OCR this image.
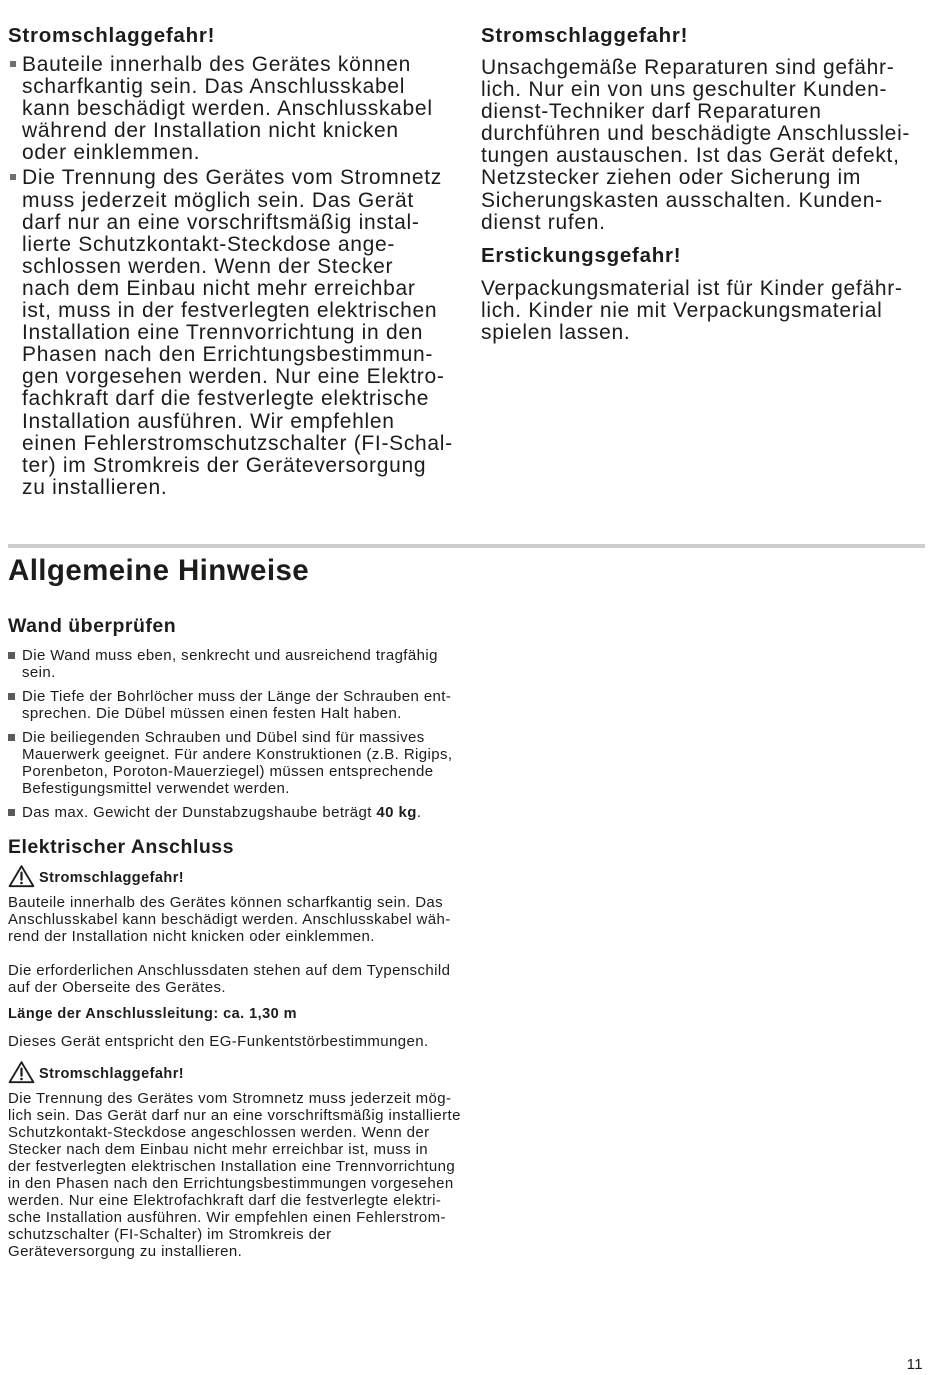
Stromschlaggefahr!
Bauteile innerhalb des Gerätes können
scharfkantig sein. Das Anschlusskabel
kann beschädigt werden. Anschlusskabel
während der Installation nicht knicken
oder einklemmen.
Die Trennung des Gerätes vom Stromnetz
muss jederzeit möglich sein. Das Gerät
darf nur an eine vorschriftsmäßig instal-
lierte Schutzkontakt-Steckdose ange-
schlossen werden. Wenn der Stecker
nach dem Einbau nicht mehr erreichbar
ist, muss in der festverlegten elektrischen
Installation eine Trennvorrichtung in den
Phasen nach den Errichtungsbestimmun-
gen vorgesehen werden. Nur eine Elektro-
fachkraft darf die festverlegte elektrische
Installation ausführen. Wir empfehlen
einen Fehlerstromschutzschalter (FI-Schal-
ter) im Stromkreis der Geräteversorgung
zu installieren.
Stromschlaggefahr!
Unsachgemäße Reparaturen sind gefähr-
lich. Nur ein von uns geschulter Kunden-
dienst-Techniker darf Reparaturen
durchführen und beschädigte Anschlusslei-
tungen austauschen. Ist das Gerät defekt,
Netzstecker ziehen oder Sicherung im
Sicherungskasten ausschalten. Kunden-
dienst rufen.
Erstickungsgefahr!
Verpackungsmaterial ist für Kinder gefähr-
lich. Kinder nie mit Verpackungsmaterial
spielen lassen.
Allgemeine Hinweise
Wand überprüfen
Die Wand muss eben, senkrecht und ausreichend tragfähig
sein.
Die Tiefe der Bohrlöcher muss der Länge der Schrauben ent-
sprechen. Die Dübel müssen einen festen Halt haben.
Die beiliegenden Schrauben und Dübel sind für massives
Mauerwerk geeignet. Für andere Konstruktionen (z.B. Rigips,
Porenbeton, Poroton-Mauerziegel) müssen entsprechende
Befestigungsmittel verwendet werden.
Das max. Gewicht der Dunstabzugshaube beträgt 40 kg.
Elektrischer Anschluss
Stromschlaggefahr!
Bauteile innerhalb des Gerätes können scharfkantig sein. Das
Anschlusskabel kann beschädigt werden. Anschlusskabel wäh-
rend der Installation nicht knicken oder einklemmen.
Die erforderlichen Anschlussdaten stehen auf dem Typenschild
auf der Oberseite des Gerätes.
Länge der Anschlussleitung: ca. 1,30 m
Dieses Gerät entspricht den EG-Funkentstörbestimmungen.
Stromschlaggefahr!
Die Trennung des Gerätes vom Stromnetz muss jederzeit mög-
lich sein. Das Gerät darf nur an eine vorschriftsmäßig installierte
Schutzkontakt-Steckdose angeschlossen werden. Wenn der
Stecker nach dem Einbau nicht mehr erreichbar ist, muss in
der festverlegten elektrischen Installation eine Trennvorrichtung
in den Phasen nach den Errichtungsbestimmungen vorgesehen
werden. Nur eine Elektrofachkraft darf die festverlegte elektri-
sche Installation ausführen. Wir empfehlen einen Fehlerstrom-
schutzschalter (FI-Schalter) im Stromkreis der
Geräteversorgung zu installieren.
11
